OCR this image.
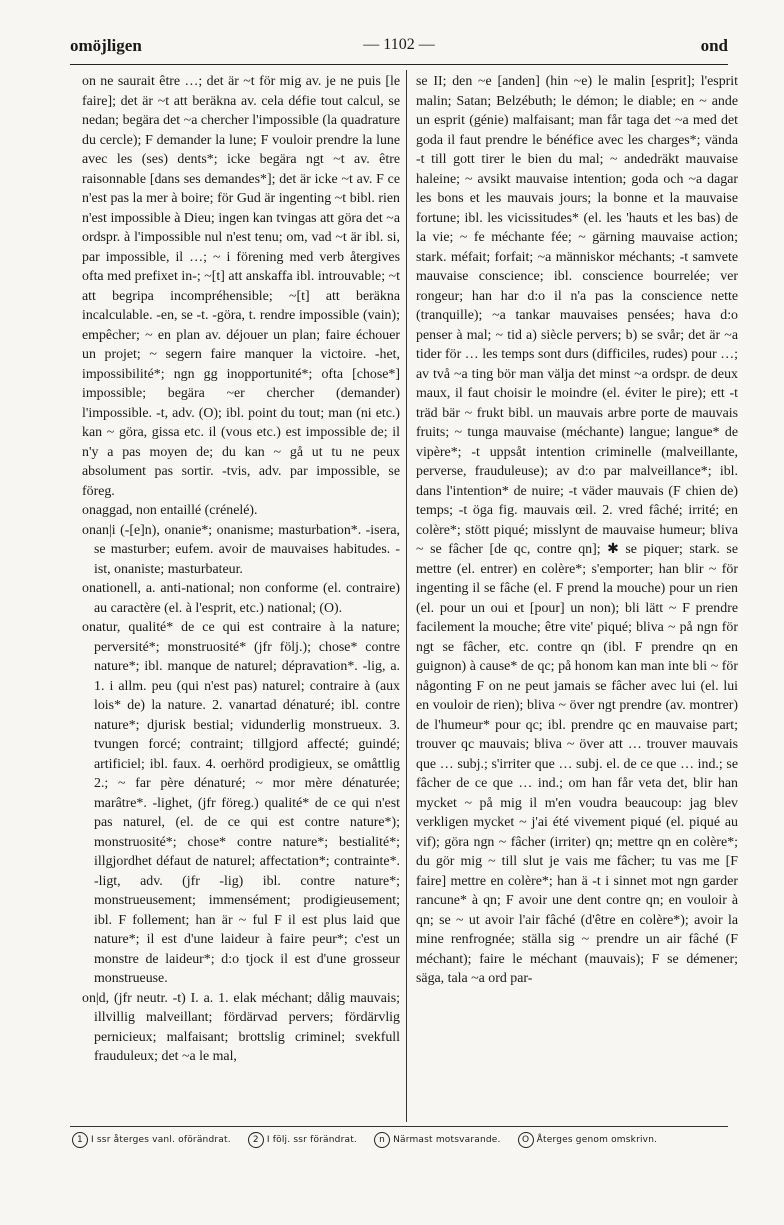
omöjligen	— 1102 —	ond

on ne saurait être …; det är ~t för mig av. je ne puis [le faire]; det är ~t att beräkna av. cela défie tout calcul, se nedan; begära det ~a chercher l'impossible (la quadrature du cercle); F demander la lune; F vouloir prendre la lune avec les (ses) dents*; icke begära ngt ~t av. être raisonnable [dans ses demandes*]; det är icke ~t av. F ce n'est pas la mer à boire; för Gud är ingenting ~t bibl. rien n'est impossible à Dieu; ingen kan tvingas att göra det ~a ordspr. à l'impossible nul n'est tenu; om, vad ~t är ibl. si, par impossible, il …; ~ i förening med verb återgives ofta med prefixet in-; ~[t] att anskaffa ibl. introuvable; ~t att begripa incompréhensible; ~[t] att beräkna incalculable. -en, se -t. -göra, t. rendre impossible (vain); empêcher; ~ en plan av. déjouer un plan; faire échouer un projet; ~ segern faire manquer la victoire. -het, impossibilité*; ngn gg inopportunité*; ofta [chose*] impossible; begära ~er chercher (demander) l'impossible. -t, adv. (O); ibl. point du tout; man (ni etc.) kan ~ göra, gissa etc. il (vous etc.) est impossible de; il n'y a pas moyen de; du kan ~ gå ut tu ne peux absolument pas sortir. -tvis, adv. par impossible, se föreg.

onaggad, non entaillé (crénelé).

onan|i (-[e]n), onanie*; onanisme; masturbation*. -isera, se masturber; eufem. avoir de mauvaises habitudes. -ist, onaniste; masturbateur.

onationell, a. anti-national; non conforme (el. contraire) au caractère (el. à l'esprit, etc.) national; (O).

onatur, qualité* de ce qui est contraire à la nature; perversité*; monstruosité* (jfr följ.); chose* contre nature*; ibl. manque de naturel; dépravation*. -lig, a. 1. i allm. peu (qui n'est pas) naturel; contraire à (aux lois* de) la nature. 2. vanartad dénaturé; ibl. contre nature*; djurisk bestial; vidunderlig monstrueux. 3. tvungen forcé; contraint; tillgjord affecté; guindé; artificiel; ibl. faux. 4. oerhörd prodigieux, se omåttlig 2.; ~ far père dénaturé; ~ mor mère dénaturée; marâtre*. -lighet, (jfr föreg.) qualité* de ce qui n'est pas naturel, (el. de ce qui est contre nature*); monstruosité*; chose* contre nature*; bestialité*; illgjordhet défaut de naturel; affectation*; contrainte*. -ligt, adv. (jfr -lig) ibl. contre nature*; monstrueusement; immensément; prodigieusement; ibl. F follement; han är ~ ful F il est plus laid que nature*; il est d'une laideur à faire peur*; c'est un monstre de laideur*; d:o tjock il est d'une grosseur monstrueuse.

on|d, (jfr neutr. -t) I. a. 1. elak méchant; dålig mauvais; illvillig malveillant; fördärvad pervers; fördärvlig pernicieux; malfaisant; brottslig criminel; svekfull frauduleux; det ~a le mal,

se II; den ~e [anden] (hin ~e) le malin [esprit]; l'esprit malin; Satan; Belzébuth; le démon; le diable; en ~ ande un esprit (génie) malfaisant; man får taga det ~a med det goda il faut prendre le bénéfice avec les charges*; vända -t till gott tirer le bien du mal; ~ andedräkt mauvaise haleine; ~ avsikt mauvaise intention; goda och ~a dagar les bons et les mauvais jours; la bonne et la mauvaise fortune; ibl. les vicissitudes* (el. les 'hauts et les bas) de la vie; ~ fe méchante fée; ~ gärning mauvaise action; stark. méfait; forfait; ~a människor méchants; -t samvete mauvaise conscience; ibl. conscience bourrelée; ver rongeur; han har d:o il n'a pas la conscience nette (tranquille); ~a tankar mauvaises pensées; hava d:o penser à mal; ~ tid a) siècle pervers; b) se svår; det är ~a tider för … les temps sont durs (difficiles, rudes) pour …; av två ~a ting bör man välja det minst ~a ordspr. de deux maux, il faut choisir le moindre (el. éviter le pire); ett -t träd bär ~ frukt bibl. un mauvais arbre porte de mauvais fruits; ~ tunga mauvaise (méchante) langue; langue* de vipère*; -t uppsåt intention criminelle (malveillante, perverse, frauduleuse); av d:o par malveillance*; ibl. dans l'intention* de nuire; -t väder mauvais (F chien de) temps; -t öga fig. mauvais œil. 2. vred fâché; irrité; en colère*; stött piqué; misslynt de mauvaise humeur; bliva ~ se fâcher [de qc, contre qn]; ✱ se piquer; stark. se mettre (el. entrer) en colère*; s'emporter; han blir ~ för ingenting il se fâche (el. F prend la mouche) pour un rien (el. pour un oui et [pour] un non); bli lätt ~ F prendre facilement la mouche; être vite' piqué; bliva ~ på ngn för ngt se fâcher, etc. contre qn (ibl. F prendre qn en guignon) à cause* de qc; på honom kan man inte bli ~ för någonting F on ne peut jamais se fâcher avec lui (el. lui en vouloir de rien); bliva ~ över ngt prendre (av. montrer) de l'humeur* pour qc; ibl. prendre qc en mauvaise part; trouver qc mauvais; bliva ~ över att … trouver mauvais que … subj.; s'irriter que … subj. el. de ce que … ind.; se fâcher de ce que … ind.; om han får veta det, blir han mycket ~ på mig il m'en voudra beaucoup: jag blev verkligen mycket ~ j'ai été vivement piqué (el. piqué au vif); göra ngn ~ fâcher (irriter) qn; mettre qn en colère*; du gör mig ~ till slut je vais me fâcher; tu vas me [F faire] mettre en colère*; han ä -t i sinnet mot ngn garder rancune* à qn; F avoir une dent contre qn; en vouloir à qn; se ~ ut avoir l'air fâché (d'être en colère*); avoir la mine renfrognée; ställa sig ~ prendre un air fâché (F méchant); faire le méchant (mauvais); F se démener; säga, tala ~a ord par-

1 I ssr återges vanl. oförändrat. 2 I följ. ssr förändrat. n Närmast motsvarande. O Återges genom omskrivn.
